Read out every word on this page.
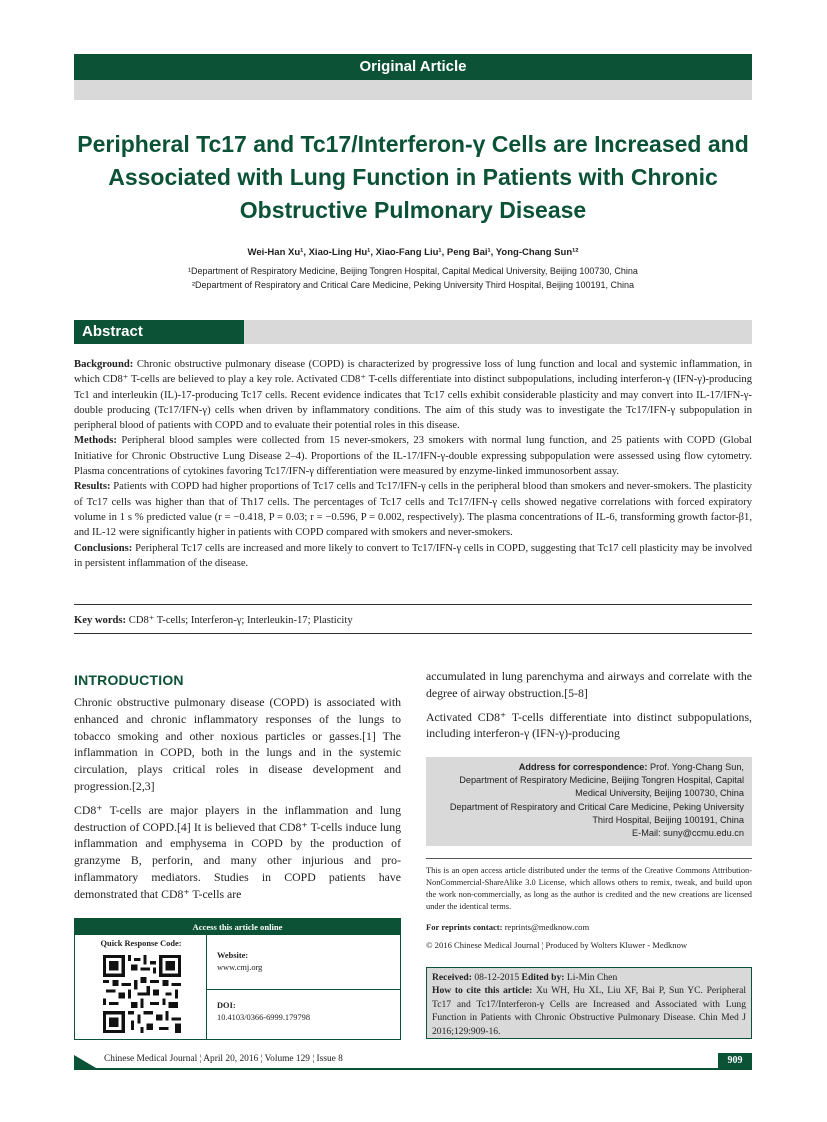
Original Article
Peripheral Tc17 and Tc17/Interferon-γ Cells are Increased and Associated with Lung Function in Patients with Chronic Obstructive Pulmonary Disease
Wei-Han Xu¹, Xiao-Ling Hu¹, Xiao-Fang Liu¹, Peng Bai¹, Yong-Chang Sun¹²
¹Department of Respiratory Medicine, Beijing Tongren Hospital, Capital Medical University, Beijing 100730, China
²Department of Respiratory and Critical Care Medicine, Peking University Third Hospital, Beijing 100191, China
Abstract

Background: Chronic obstructive pulmonary disease (COPD) is characterized by progressive loss of lung function and local and systemic inflammation, in which CD8⁺ T-cells are believed to play a key role. Activated CD8⁺ T-cells differentiate into distinct subpopulations, including interferon-γ (IFN-γ)-producing Tc1 and interleukin (IL)-17-producing Tc17 cells. Recent evidence indicates that Tc17 cells exhibit considerable plasticity and may convert into IL-17/IFN-γ-double producing (Tc17/IFN-γ) cells when driven by inflammatory conditions. The aim of this study was to investigate the Tc17/IFN-γ subpopulation in peripheral blood of patients with COPD and to evaluate their potential roles in this disease.

Methods: Peripheral blood samples were collected from 15 never-smokers, 23 smokers with normal lung function, and 25 patients with COPD (Global Initiative for Chronic Obstructive Lung Disease 2–4). Proportions of the IL-17/IFN-γ-double expressing subpopulation were assessed using flow cytometry. Plasma concentrations of cytokines favoring Tc17/IFN-γ differentiation were measured by enzyme-linked immunosorbent assay.

Results: Patients with COPD had higher proportions of Tc17 cells and Tc17/IFN-γ cells in the peripheral blood than smokers and never-smokers. The plasticity of Tc17 cells was higher than that of Th17 cells. The percentages of Tc17 cells and Tc17/IFN-γ cells showed negative correlations with forced expiratory volume in 1 s % predicted value (r = −0.418, P = 0.03; r = −0.596, P = 0.002, respectively). The plasma concentrations of IL-6, transforming growth factor-β1, and IL-12 were significantly higher in patients with COPD compared with smokers and never-smokers.

Conclusions: Peripheral Tc17 cells are increased and more likely to convert to Tc17/IFN-γ cells in COPD, suggesting that Tc17 cell plasticity may be involved in persistent inflammation of the disease.

Key words: CD8⁺ T-cells; Interferon-γ; Interleukin-17; Plasticity
INTRODUCTION

Chronic obstructive pulmonary disease (COPD) is associated with enhanced and chronic inflammatory responses of the lungs to tobacco smoking and other noxious particles or gasses.[1] The inflammation in COPD, both in the lungs and in the systemic circulation, plays critical roles in disease development and progression.[2,3]

CD8⁺ T-cells are major players in the inflammation and lung destruction of COPD.[4] It is believed that CD8⁺ T-cells induce lung inflammation and emphysema in COPD by the production of granzyme B, perforin, and many other injurious and pro-inflammatory mediators. Studies in COPD patients have demonstrated that CD8⁺ T-cells are

accumulated in lung parenchyma and airways and correlate with the degree of airway obstruction.[5-8]

Activated CD8⁺ T-cells differentiate into distinct subpopulations, including interferon-γ (IFN-γ)-producing

Address for correspondence: Prof. Yong-Chang Sun,
Department of Respiratory Medicine, Beijing Tongren Hospital, Capital
Medical University, Beijing 100730, China
Department of Respiratory and Critical Care Medicine, Peking University
Third Hospital, Beijing 100191, China
E-Mail: suny@ccmu.edu.cn
This is an open access article distributed under the terms of the Creative Commons Attribution-NonCommercial-ShareAlike 3.0 License, which allows others to remix, tweak, and build upon the work non-commercially, as long as the author is credited and the new creations are licensed under the identical terms.
For reprints contact: reprints@medknow.com
© 2016 Chinese Medical Journal ¦ Produced by Wolters Kluwer - Medknow
Received: 08-12-2015 Edited by: Li-Min Chen
How to cite this article: Xu WH, Hu XL, Liu XF, Bai P, Sun YC. Peripheral Tc17 and Tc17/Interferon-γ Cells are Increased and Associated with Lung Function in Patients with Chronic Obstructive Pulmonary Disease. Chin Med J 2016;129:909-16.
Access this article online
Quick Response Code:
Website:
www.cmj.org
DOI:
10.4103/0366-6999.179798
Chinese Medical Journal ¦ April 20, 2016 ¦ Volume 129 ¦ Issue 8	909
